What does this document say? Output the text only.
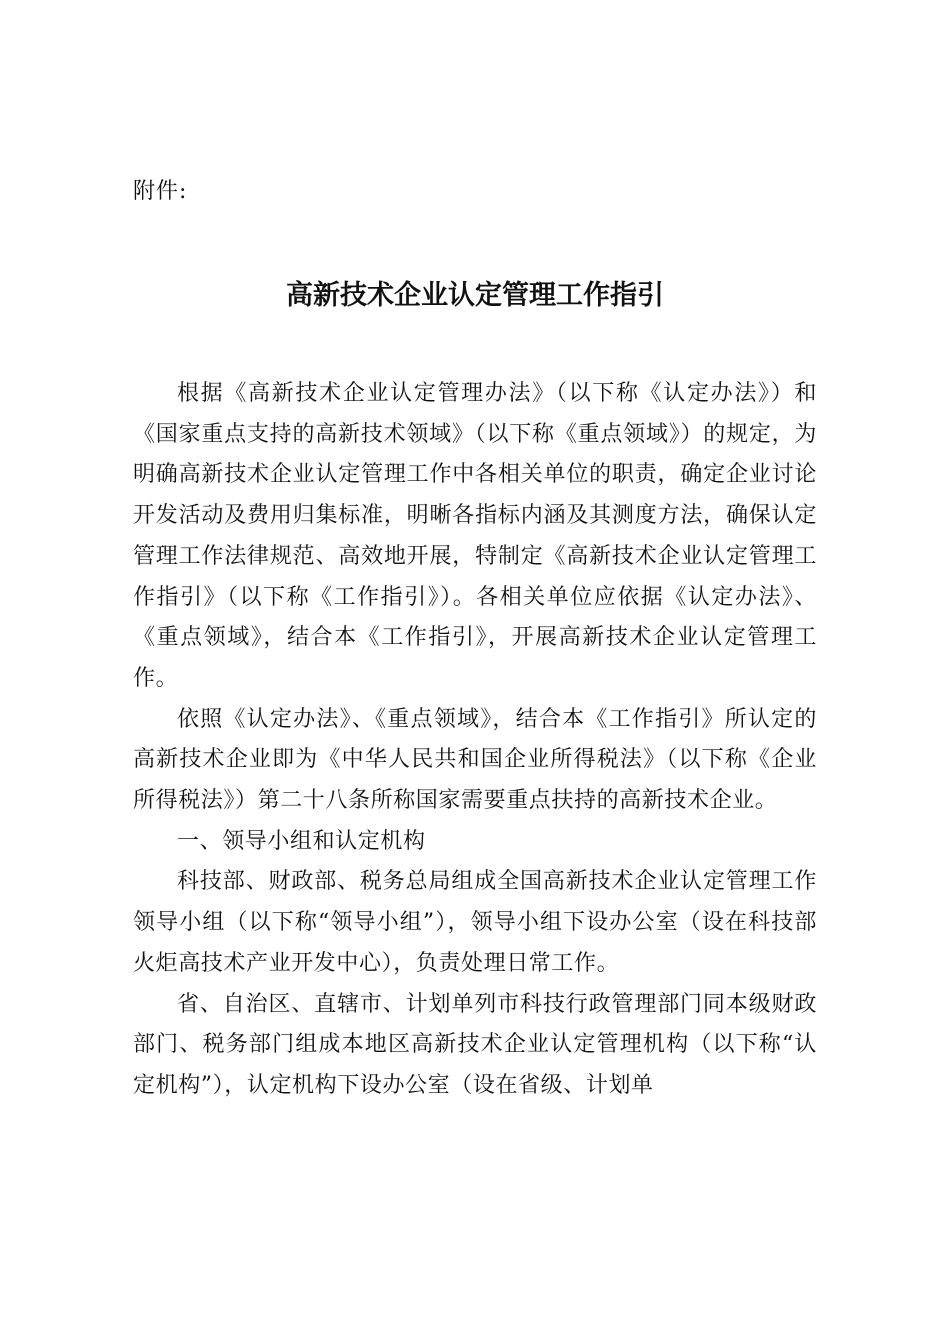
附件:
高新技术企业认定管理工作指引

根据《高新技术企业认定管理办法》（以下称《认定办法》）和《国家重点支持的高新技术领域》（以下称《重点领域》）的规定，为明确高新技术企业认定管理工作中各相关单位的职责，确定企业讨论开发活动及费用归集标准，明晰各指标内涵及其测度方法，确保认定管理工作法律规范、高效地开展，特制定《高新技术企业认定管理工作指引》（以下称《工作指引》）。各相关单位应依据《认定办法》、《重点领域》，结合本《工作指引》，开展高新技术企业认定管理工作。

依照《认定办法》、《重点领域》，结合本《工作指引》所认定的高新技术企业即为《中华人民共和国企业所得税法》（以下称《企业所得税法》）第二十八条所称国家需要重点扶持的高新技术企业。

一、领导小组和认定机构

科技部、财政部、税务总局组成全国高新技术企业认定管理工作领导小组（以下称“领导小组”），领导小组下设办公室（设在科技部火炬高技术产业开发中心），负责处理日常工作。

省、自治区、直辖市、计划单列市科技行政管理部门同本级财政部门、税务部门组成本地区高新技术企业认定管理机构（以下称“认定机构”），认定机构下设办公室（设在省级、计划单
